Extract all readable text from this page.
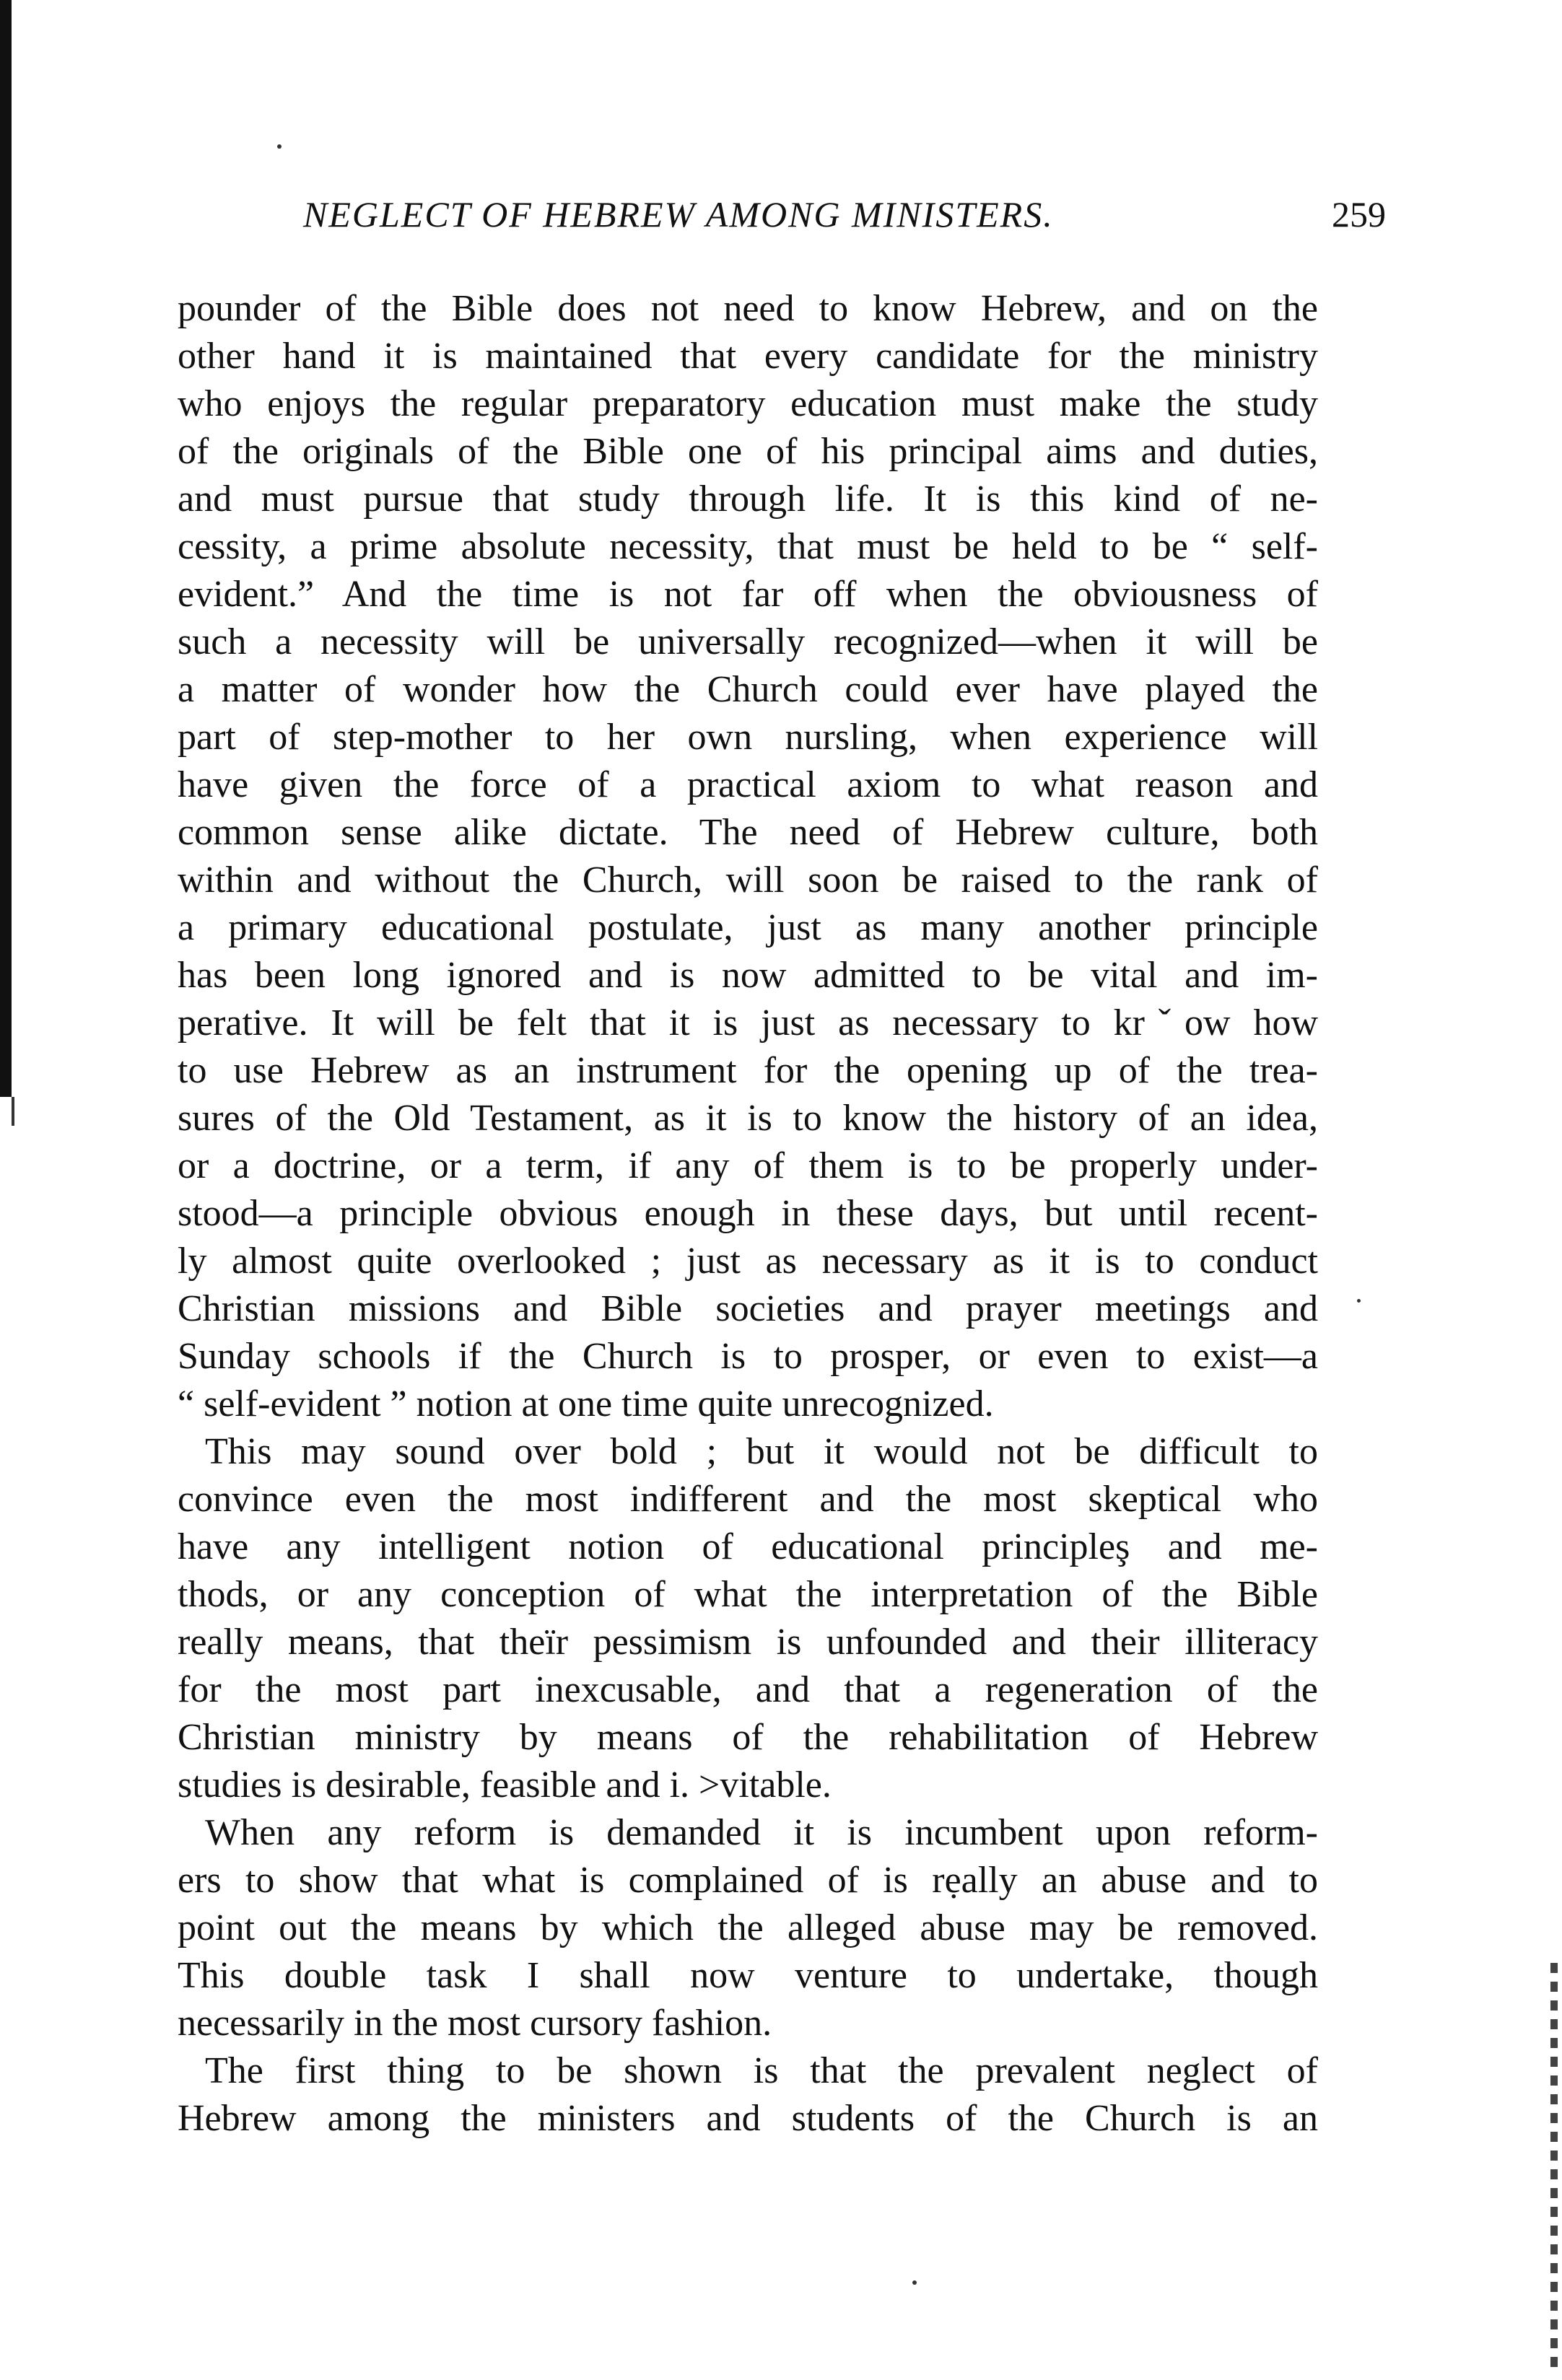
NEGLECT OF HEBREW AMONG MINISTERS.	259
pounder of the Bible does not need to know Hebrew, and on the
other hand it is maintained that every candidate for the ministry
who enjoys the regular preparatory education must make the study
of the originals of the Bible one of his principal aims and duties,
and must pursue that study through life. It is this kind of ne-
cessity, a prime absolute necessity, that must be held to be “ self-
evident.” And the time is not far off when the obviousness of
such a necessity will be universally recognized—when it will be
a matter of wonder how the Church could ever have played the
part of step-mother to her own nursling, when experience will
have given the force of a practical axiom to what reason and
common sense alike dictate. The need of Hebrew culture, both
within and without the Church, will soon be raised to the rank of
a primary educational postulate, just as many another principle
has been long ignored and is now admitted to be vital and im-
perative. It will be felt that it is just as necessary to krˇow how
to use Hebrew as an instrument for the opening up of the trea-
sures of the Old Testament, as it is to know the history of an idea,
or a doctrine, or a term, if any of them is to be properly under-
stood—a principle obvious enough in these days, but until recent-
ly almost quite overlooked ; just as necessary as it is to conduct
Christian missions and Bible societies and prayer meetings and
Sunday schools if the Church is to prosper, or even to exist—a
“ self-evident ” notion at one time quite unrecognized.
This may sound over bold ; but it would not be difficult to
convince even the most indifferent and the most skeptical who
have any intelligent notion of educational principleş and me-
thods, or any conception of what the interpretation of the Bible
really means, that theïr pessimism is unfounded and their illiteracy
for the most part inexcusable, and that a regeneration of the
Christian ministry by means of the rehabilitation of Hebrew
studies is desirable, feasible and i. ˃vitable.
When any reform is demanded it is incumbent upon reform-
ers to show that what is complained of is rẹally an abuse and to
point out the means by which the alleged abuse may be removed.
This double task I shall now venture to undertake, though
necessarily in the most cursory fashion.
The first thing to be shown is that the prevalent neglect of
Hebrew among the ministers and students of the Church is an
